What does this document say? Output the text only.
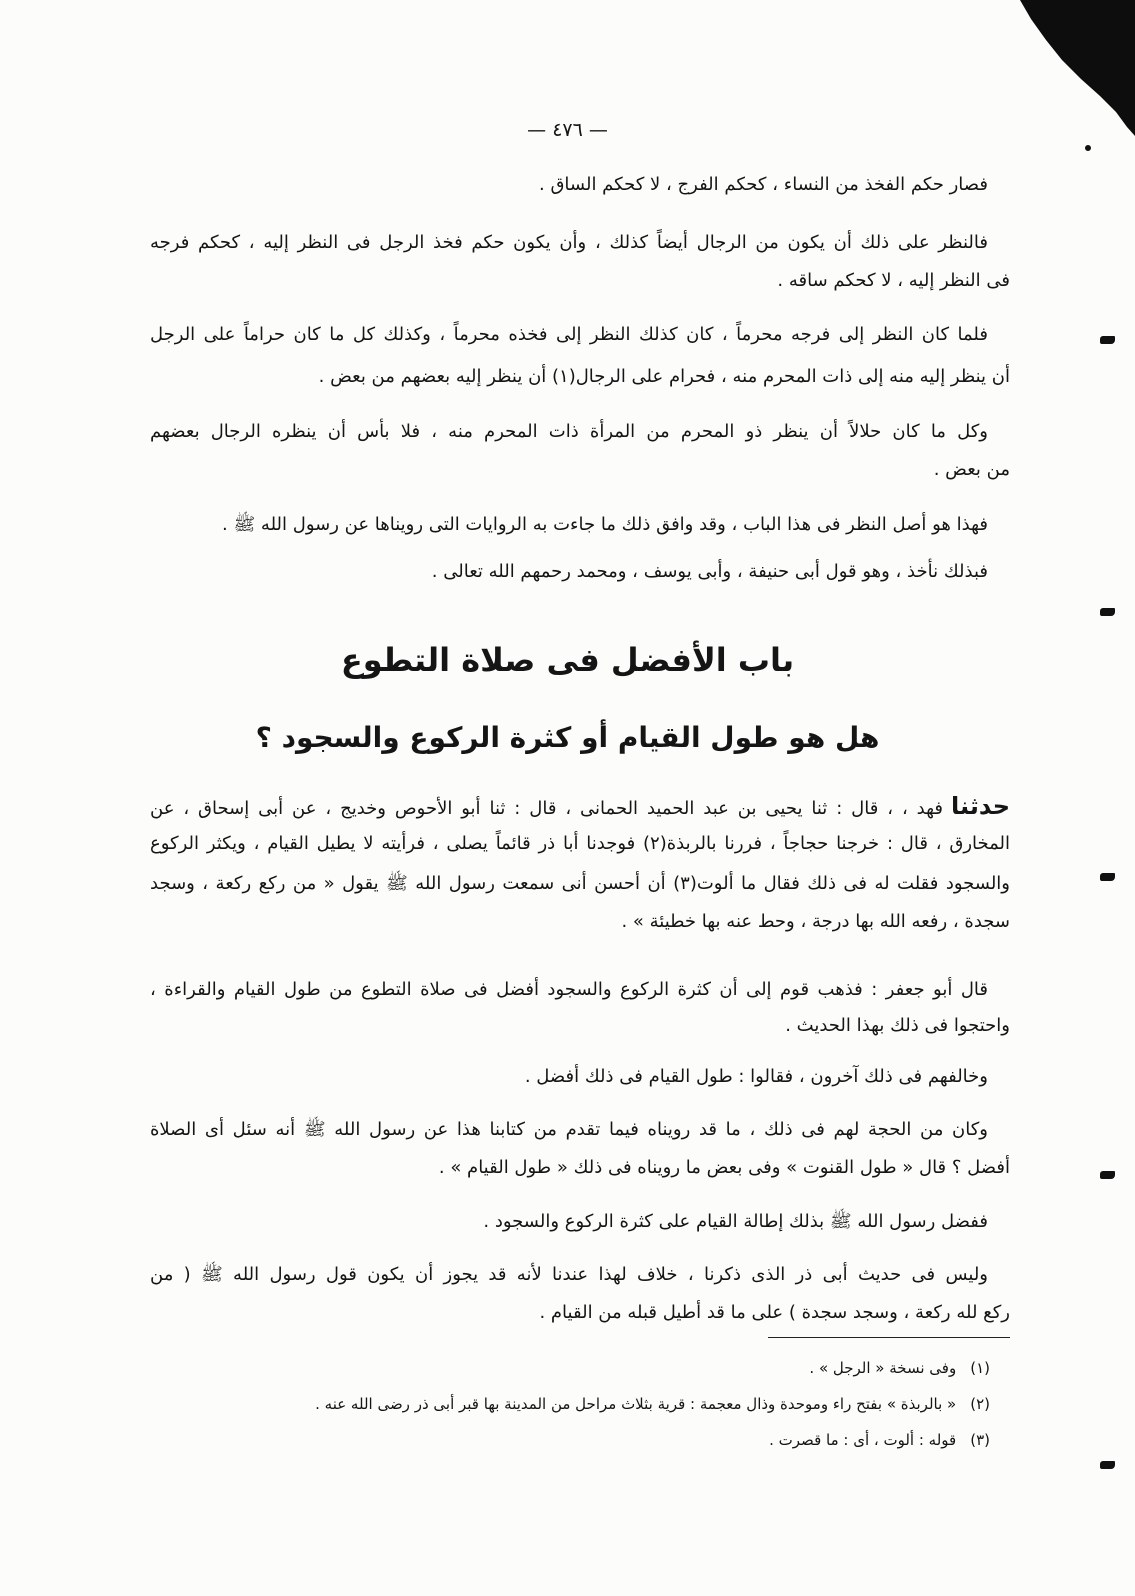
— ٤٧٦ —
فصار حكم الفخذ من النساء ، كحكم الفرج ، لا كحكم الساق .
فالنظر على ذلك أن يكون من الرجال أيضاً كذلك ، وأن يكون حكم فخذ الرجل فى النظر إليه ، كحكم فرجه
فى النظر إليه ، لا كحكم ساقه .
فلما كان النظر إلى فرجه محرماً ، كان كذلك النظر إلى فخذه محرماً ، وكذلك كل ما كان حراماً على الرجل
أن ينظر إليه منه إلى ذات المحرم منه ، فحرام على الرجال(١) أن ينظر إليه بعضهم من بعض .
وكل ما كان حلالاً أن ينظر ذو المحرم من المرأة ذات المحرم منه ، فلا بأس أن ينظره الرجال بعضهم
من بعض .
فهذا هو أصل النظر فى هذا الباب ، وقد وافق ذلك ما جاءت به الروايات التى رويناها عن رسول الله ﷺ .
فبذلك نأخذ ، وهو قول أبى حنيفة ، وأبى يوسف ، ومحمد رحمهم الله تعالى .
باب الأفضل فى صلاة التطوع
هل هو طول القيام أو كثرة الركوع والسجود ؟
حدثنافهد ، ، قال : ثنا يحيى بن عبد الحميد الحمانى ، قال : ثنا أبو الأحوص وخديج ، عن أبى إسحاق ، عن
المخارق ، قال : خرجنا حجاجاً ، فررنا بالربذة(٢) فوجدنا أبا ذر قائماً يصلى ، فرأيته لا يطيل القيام ، ويكثر الركوع
والسجود فقلت له فى ذلك فقال ما ألوت(٣) أن أحسن أنى سمعت رسول الله ﷺ يقول « من ركع ركعة ، وسجد
سجدة ، رفعه الله بها درجة ، وحط عنه بها خطيئة » .
قال أبو جعفر : فذهب قوم إلى أن كثرة الركوع والسجود أفضل فى صلاة التطوع من طول القيام والقراءة ،
واحتجوا فى ذلك بهذا الحديث .
وخالفهم فى ذلك آخرون ، فقالوا : طول القيام فى ذلك أفضل .
وكان من الحجة لهم فى ذلك ، ما قد رويناه فيما تقدم من كتابنا هذا عن رسول الله ﷺ أنه سئل أى الصلاة
أفضل ؟ قال « طول القنوت » وفى بعض ما رويناه فى ذلك « طول القيام » .
ففضل رسول الله ﷺ بذلك إطالة القيام على كثرة الركوع والسجود .
وليس فى حديث أبى ذر الذى ذكرنا ، خلاف لهذا عندنا لأنه قد يجوز أن يكون قول رسول الله ﷺ ( من
ركع لله ركعة ، وسجد سجدة ) على ما قد أطيل قبله من القيام .
(١)وفى نسخة « الرجل » .
(٢)« بالربذة » بفتح راء وموحدة وذال معجمة : قرية بثلاث مراحل من المدينة بها قبر أبى ذر رضى الله عنه .
(٣)قوله : ألوت ، أى : ما قصرت .
